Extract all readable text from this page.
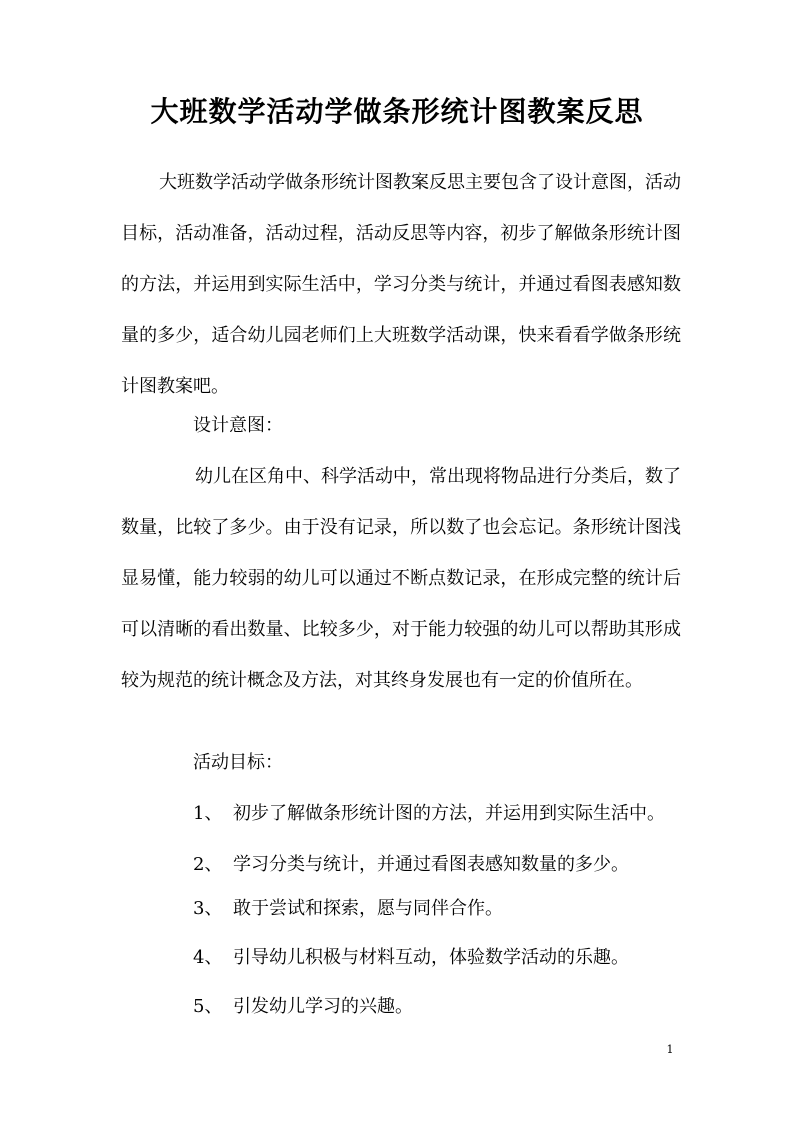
大班数学活动学做条形统计图教案反思

大班数学活动学做条形统计图教案反思主要包含了设计意图，活动目标，活动准备，活动过程，活动反思等内容，初步了解做条形统计图的方法，并运用到实际生活中，学习分类与统计，并通过看图表感知数量的多少，适合幼儿园老师们上大班数学活动课，快来看看学做条形统计图教案吧。

设计意图：

幼儿在区角中、科学活动中，常出现将物品进行分类后，数了数量，比较了多少。由于没有记录，所以数了也会忘记。条形统计图浅显易懂，能力较弱的幼儿可以通过不断点数记录，在形成完整的统计后可以清晰的看出数量、比较多少，对于能力较强的幼儿可以帮助其形成较为规范的统计概念及方法，对其终身发展也有一定的价值所在。

活动目标：

1、 初步了解做条形统计图的方法，并运用到实际生活中。

2、 学习分类与统计，并通过看图表感知数量的多少。

3、 敢于尝试和探索，愿与同伴合作。

4、 引导幼儿积极与材料互动，体验数学活动的乐趣。

5、 引发幼儿学习的兴趣。

1
